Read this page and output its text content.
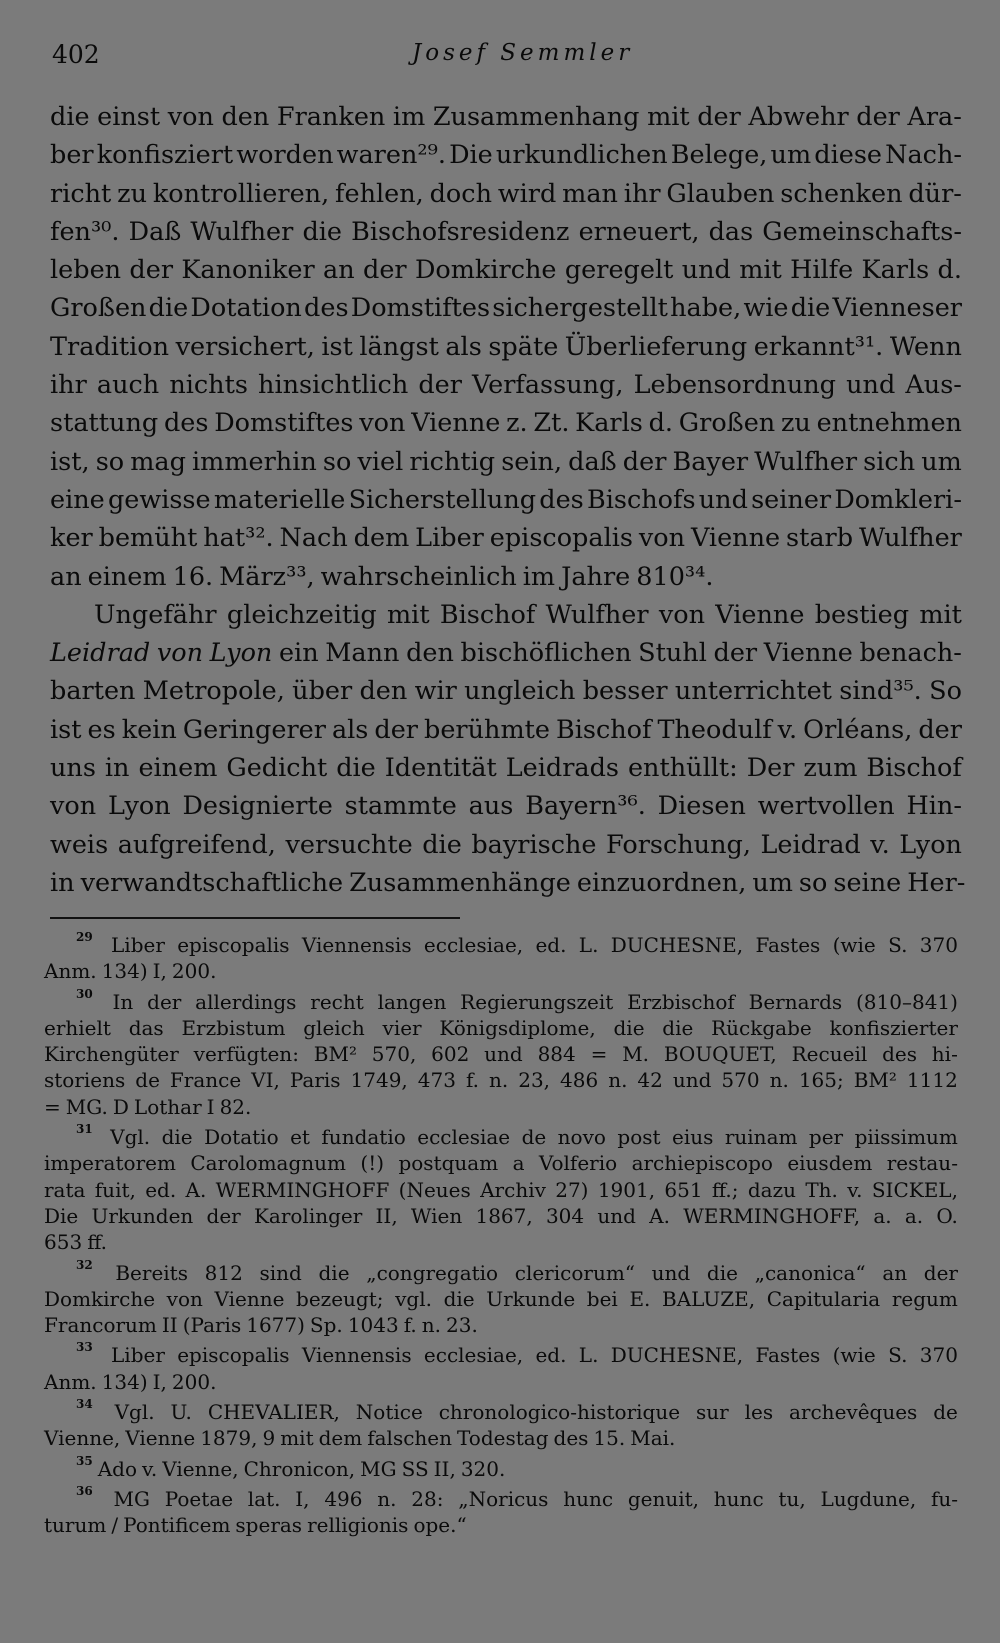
402	Josef Semmler
die einst von den Franken im Zusammenhang mit der Abwehr der Ara-
ber konfisziert worden waren²⁹. Die urkundlichen Belege, um diese Nach-
richt zu kontrollieren, fehlen, doch wird man ihr Glauben schenken dür-
fen³⁰. Daß Wulfher die Bischofsresidenz erneuert, das Gemeinschafts-
leben der Kanoniker an der Domkirche geregelt und mit Hilfe Karls d.
Großen die Dotation des Domstiftes sichergestellt habe, wie die Vienneser
Tradition versichert, ist längst als späte Überlieferung erkannt³¹. Wenn
ihr auch nichts hinsichtlich der Verfassung, Lebensordnung und Aus-
stattung des Domstiftes von Vienne z. Zt. Karls d. Großen zu entnehmen
ist, so mag immerhin so viel richtig sein, daß der Bayer Wulfher sich um
eine gewisse materielle Sicherstellung des Bischofs und seiner Domkleri-
ker bemüht hat³². Nach dem Liber episcopalis von Vienne starb Wulfher
an einem 16. März³³, wahrscheinlich im Jahre 810³⁴.
Ungefähr gleichzeitig mit Bischof Wulfher von Vienne bestieg mit
Leidrad von Lyon ein Mann den bischöflichen Stuhl der Vienne benach-
barten Metropole, über den wir ungleich besser unterrichtet sind³⁵. So
ist es kein Geringerer als der berühmte Bischof Theodulf v. Orléans, der
uns in einem Gedicht die Identität Leidrads enthüllt: Der zum Bischof
von Lyon Designierte stammte aus Bayern³⁶. Diesen wertvollen Hin-
weis aufgreifend, versuchte die bayrische Forschung, Leidrad v. Lyon
in verwandtschaftliche Zusammenhänge einzuordnen, um so seine Her-
29 Liber episcopalis Viennensis ecclesiae, ed. L. DUCHESNE, Fastes (wie S. 370
Anm. 134) I, 200.
30 In der allerdings recht langen Regierungszeit Erzbischof Bernards (810–841)
erhielt das Erzbistum gleich vier Königsdiplome, die die Rückgabe konfiszierter
Kirchengüter verfügten: BM² 570, 602 und 884 = M. BOUQUET, Recueil des hi-
storiens de France VI, Paris 1749, 473 f. n. 23, 486 n. 42 und 570 n. 165; BM² 1112
= MG. D Lothar I 82.
31 Vgl. die Dotatio et fundatio ecclesiae de novo post eius ruinam per piissimum
imperatorem Carolomagnum (!) postquam a Volferio archiepiscopo eiusdem restau-
rata fuit, ed. A. WERMINGHOFF (Neues Archiv 27) 1901, 651 ff.; dazu Th. v. SICKEL,
Die Urkunden der Karolinger II, Wien 1867, 304 und A. WERMINGHOFF, a. a. O.
653 ff.
32 Bereits 812 sind die „congregatio clericorum“ und die „canonica“ an der
Domkirche von Vienne bezeugt; vgl. die Urkunde bei E. BALUZE, Capitularia regum
Francorum II (Paris 1677) Sp. 1043 f. n. 23.
33 Liber episcopalis Viennensis ecclesiae, ed. L. DUCHESNE, Fastes (wie S. 370
Anm. 134) I, 200.
34 Vgl. U. CHEVALIER, Notice chronologico-historique sur les archevêques de
Vienne, Vienne 1879, 9 mit dem falschen Todestag des 15. Mai.
35 Ado v. Vienne, Chronicon, MG SS II, 320.
36 MG Poetae lat. I, 496 n. 28: „Noricus hunc genuit, hunc tu, Lugdune, fu-
turum / Pontificem speras relligionis ope.“
